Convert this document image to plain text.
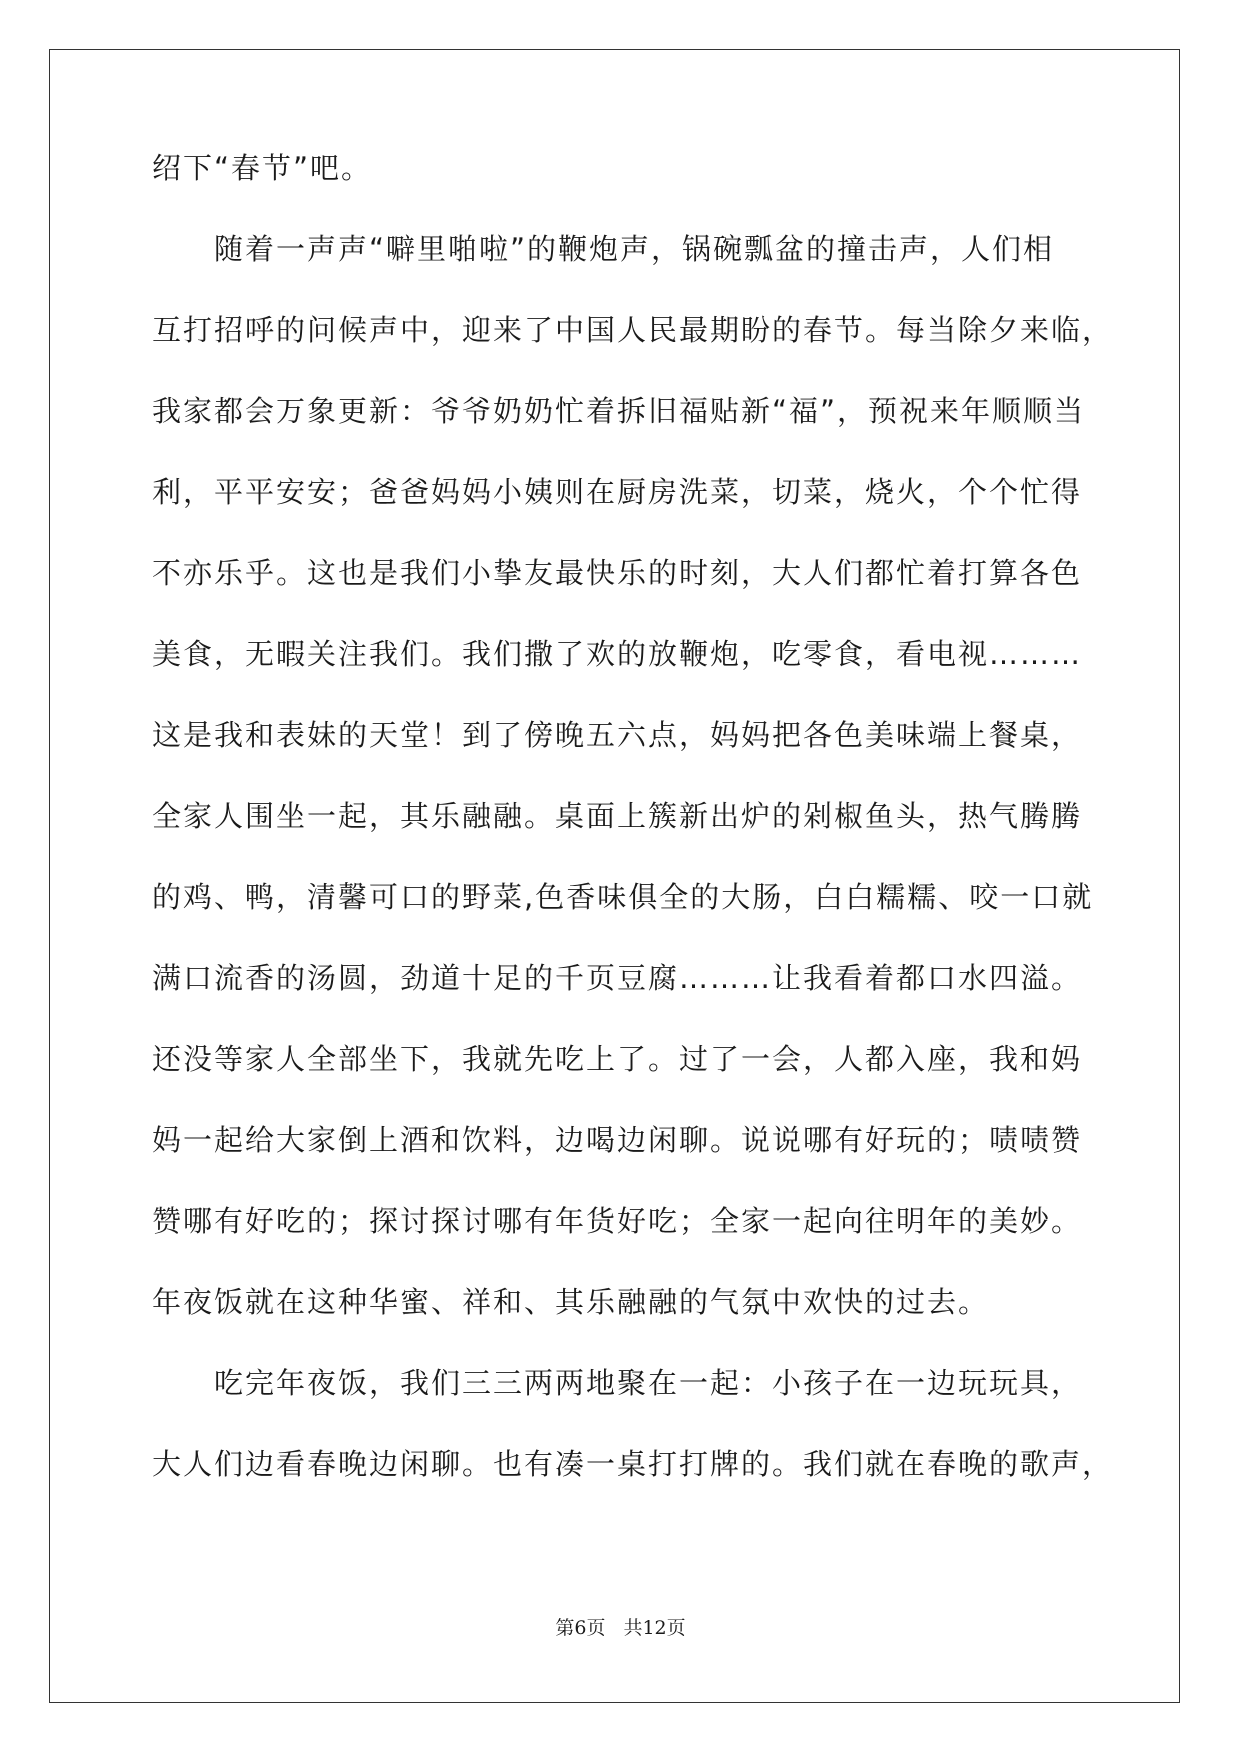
绍下“春节”吧。
　　随着一声声“噼里啪啦”的鞭炮声，锅碗瓢盆的撞击声，人们相
互打招呼的问候声中，迎来了中国人民最期盼的春节。每当除夕来临，
我家都会万象更新：爷爷奶奶忙着拆旧福贴新“福”，预祝来年顺顺当
利，平平安安；爸爸妈妈小姨则在厨房洗菜，切菜，烧火，个个忙得
不亦乐乎。这也是我们小挚友最快乐的时刻，大人们都忙着打算各色
美食，无暇关注我们。我们撒了欢的放鞭炮，吃零食，看电视………
这是我和表妹的天堂！到了傍晚五六点，妈妈把各色美味端上餐桌，
全家人围坐一起，其乐融融。桌面上簇新出炉的剁椒鱼头，热气腾腾
的鸡、鸭，清馨可口的野菜,色香味俱全的大肠，白白糯糯、咬一口就
满口流香的汤圆，劲道十足的千页豆腐………让我看着都口水四溢。
还没等家人全部坐下，我就先吃上了。过了一会，人都入座，我和妈
妈一起给大家倒上酒和饮料，边喝边闲聊。说说哪有好玩的；啧啧赞
赞哪有好吃的；探讨探讨哪有年货好吃；全家一起向往明年的美妙。
年夜饭就在这种华蜜、祥和、其乐融融的气氛中欢快的过去。
　　吃完年夜饭，我们三三两两地聚在一起：小孩子在一边玩玩具，
大人们边看春晚边闲聊。也有凑一桌打打牌的。我们就在春晚的歌声，
第6页 共12页
